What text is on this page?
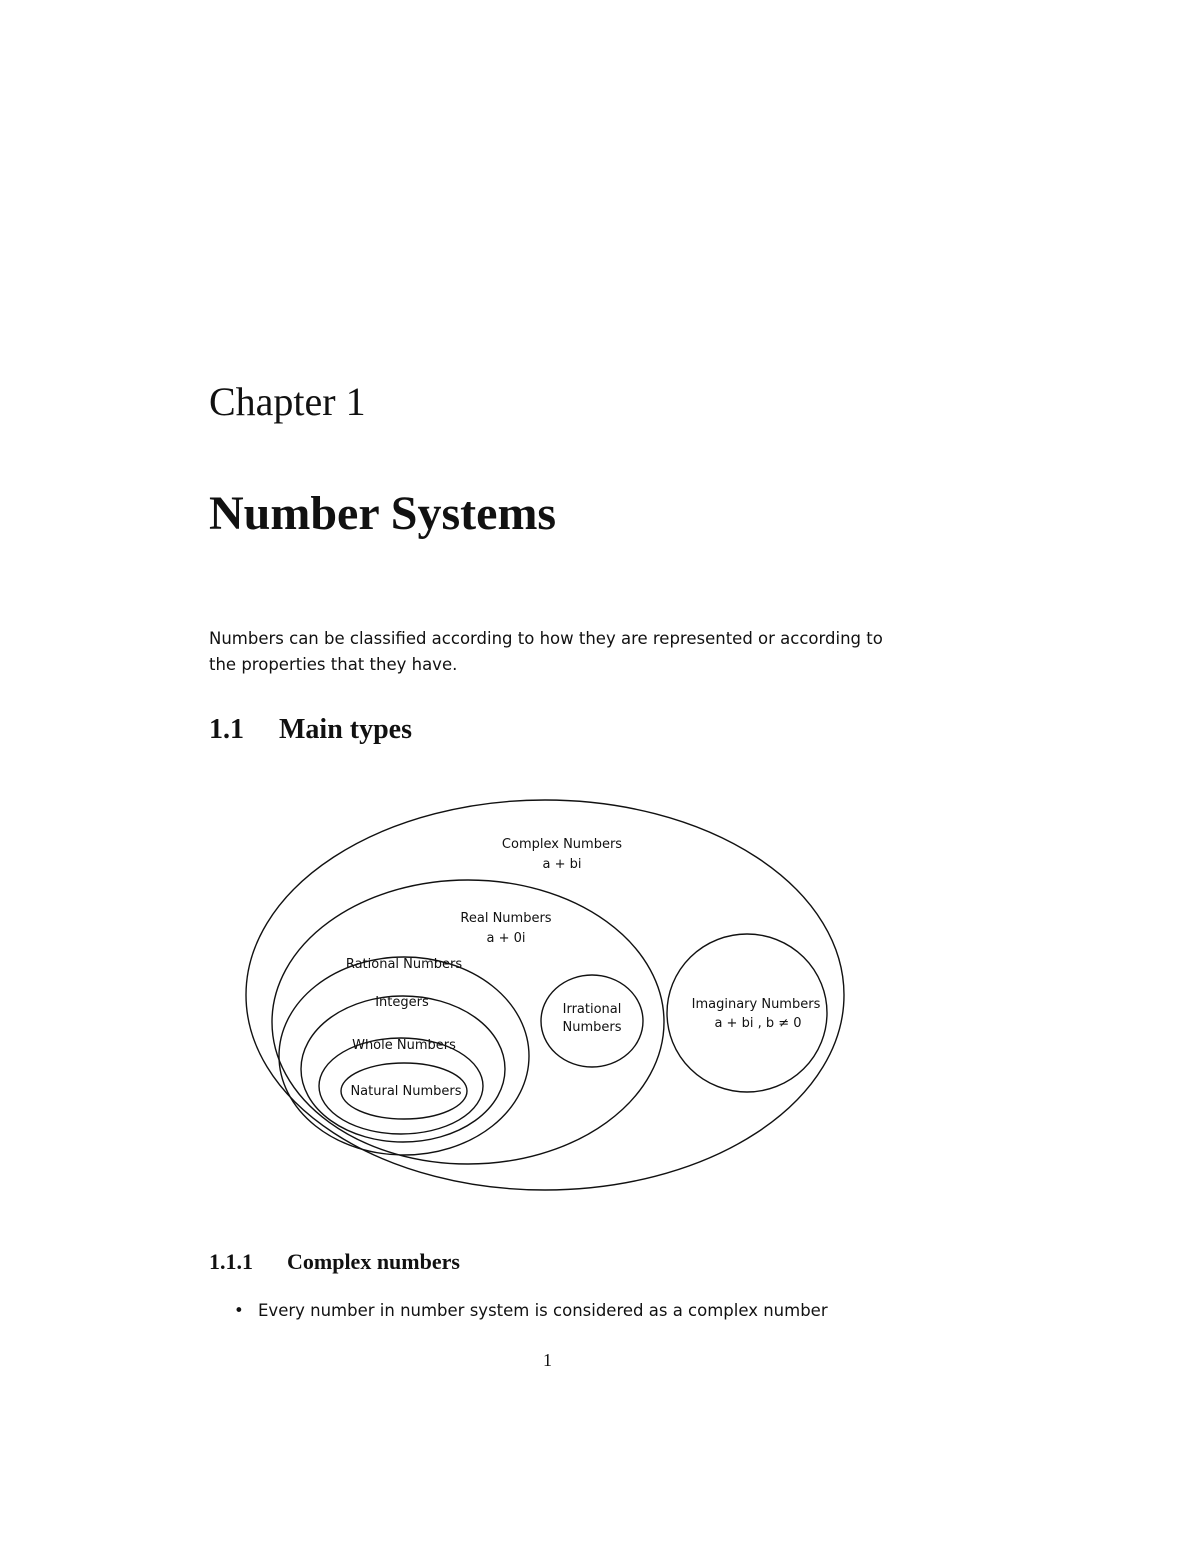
Chapter 1
Number Systems

Numbers can be classified according to how they are represented or according to the properties that they have.

1.1 Main types
Complex Numbers
a + bi
Real Numbers
a + 0i
Rational Numbers
Integers
Whole Numbers
Natural Numbers
Irrational
Numbers
Imaginary Numbers
a + bi , b ≠ 0
1.1.1 Complex numbers
• Every number in number system is considered as a complex number

1
